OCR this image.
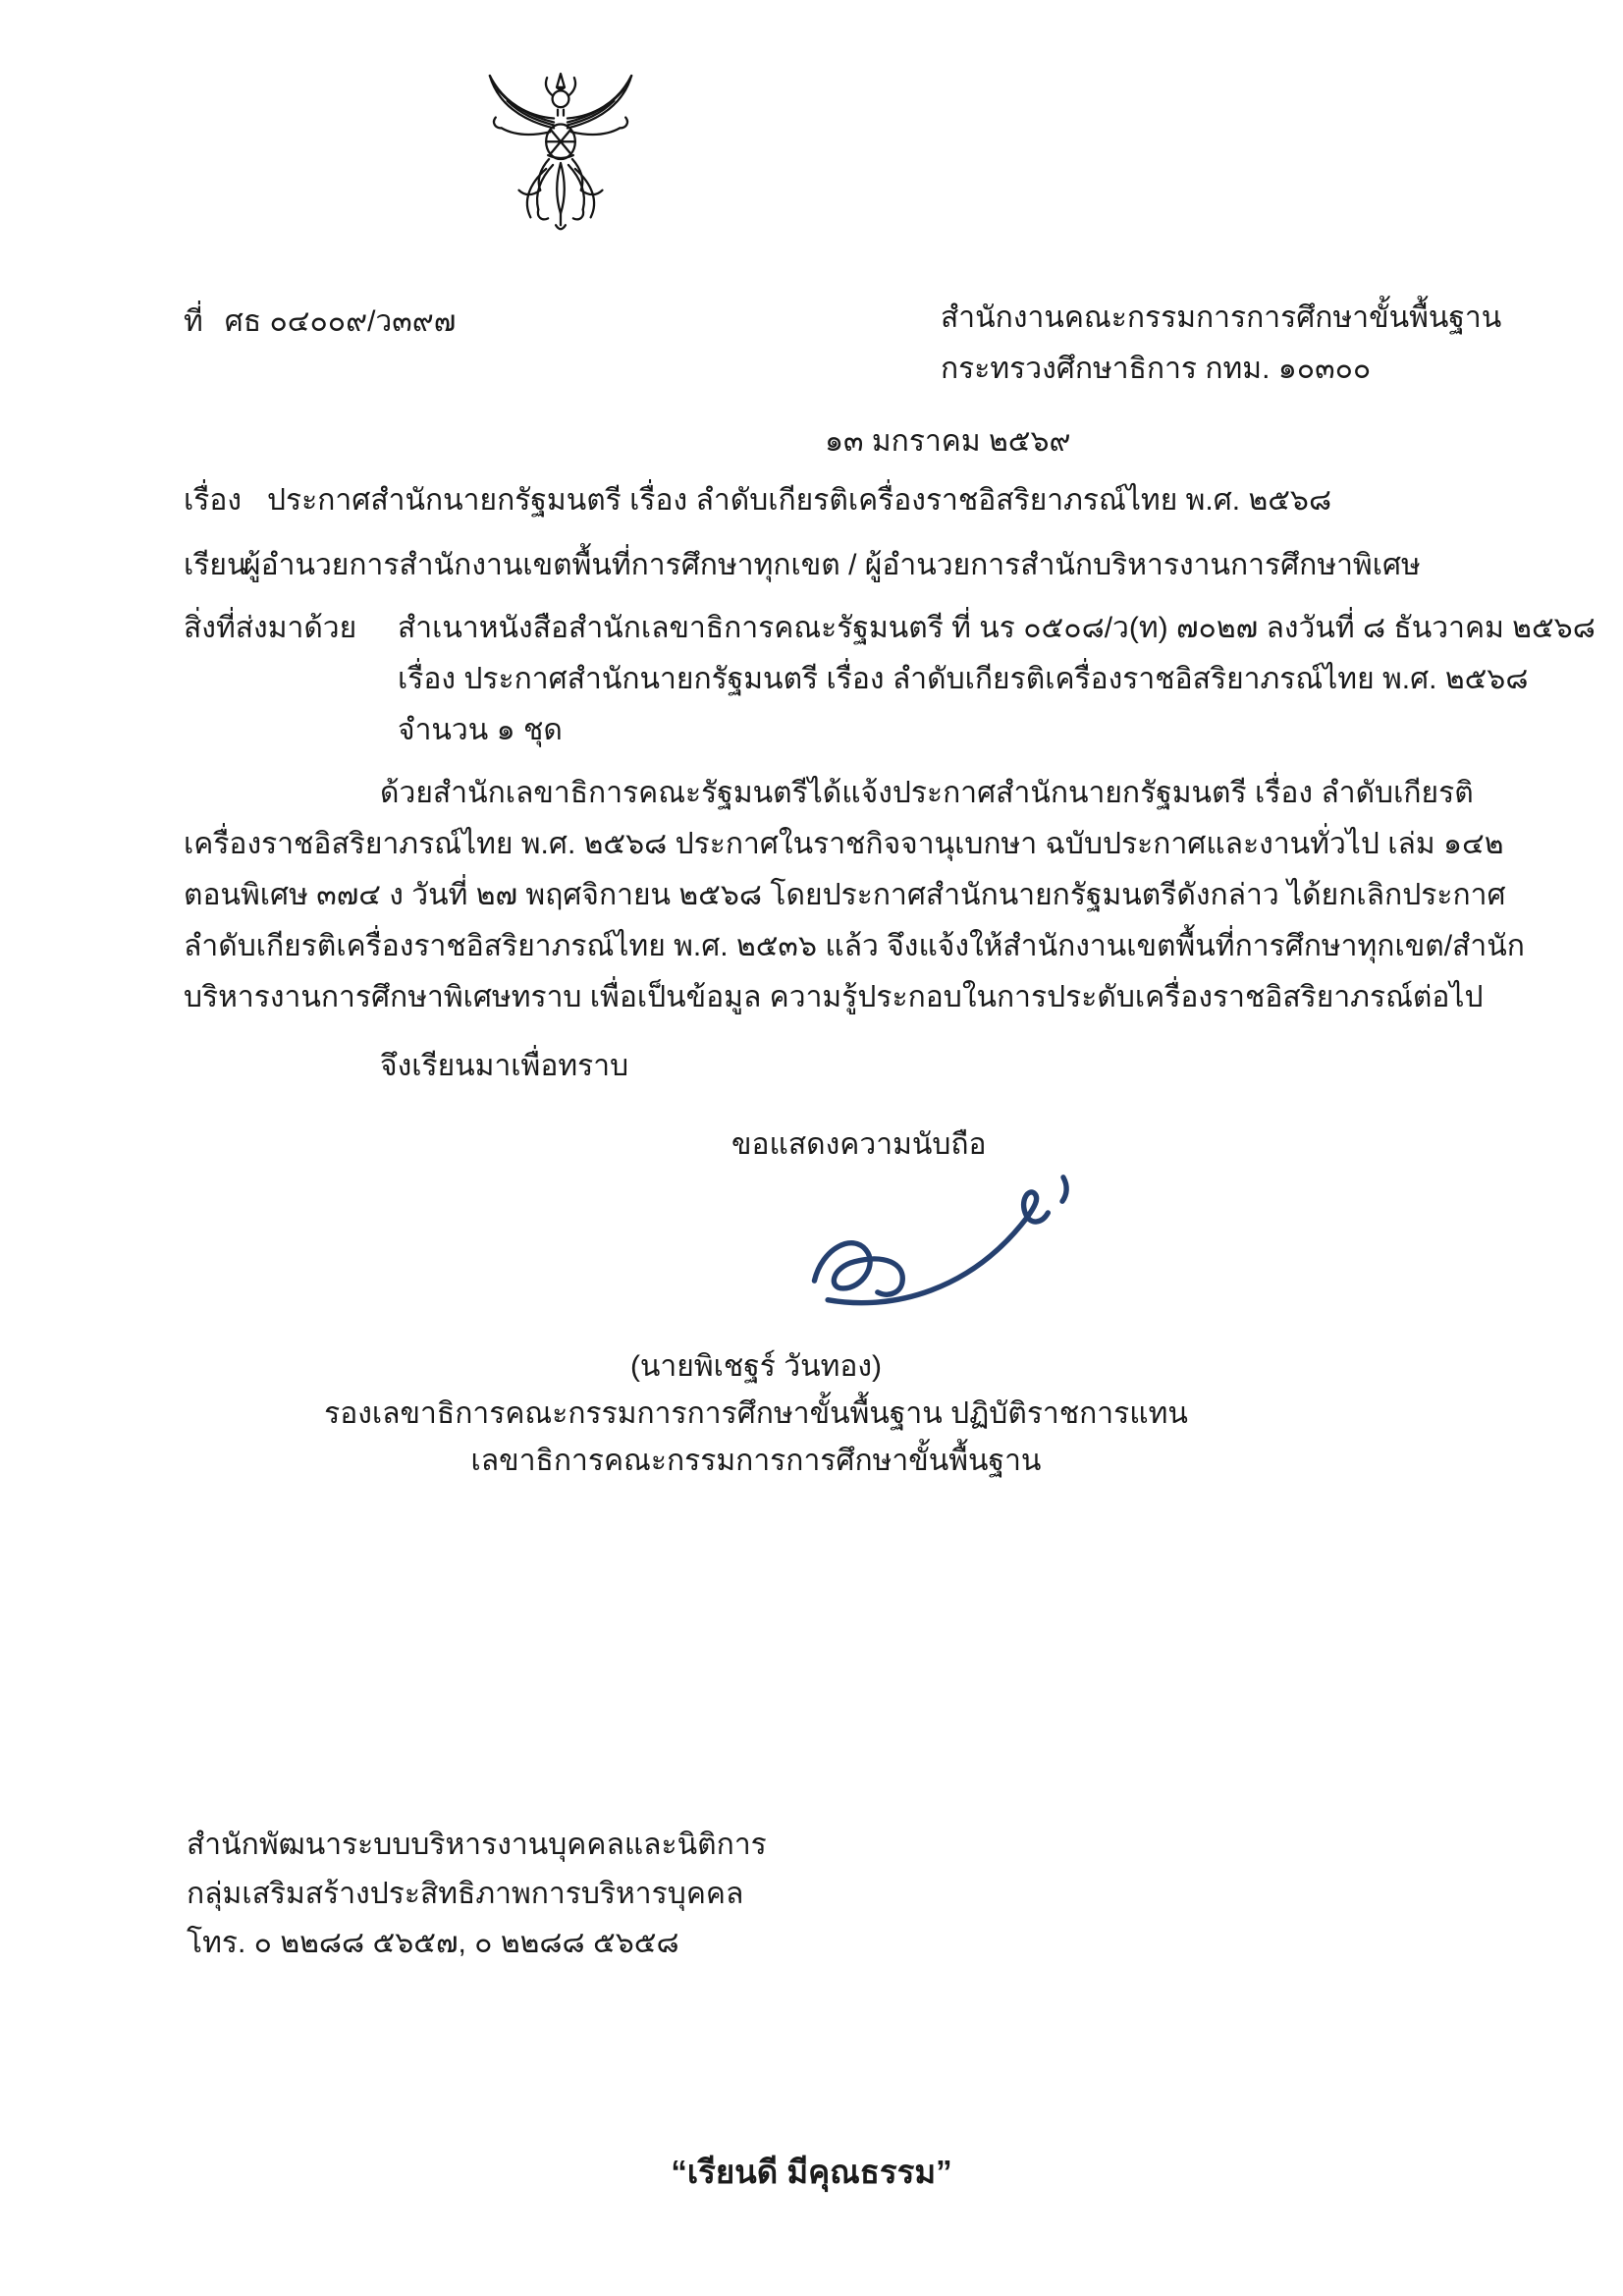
ที่ ศธ ๐๔๐๐๙/ว๓๙๗	สำนักงานคณะกรรมการการศึกษาขั้นพื้นฐาน
กระทรวงศึกษาธิการ กทม. ๑๐๓๐๐
๑๓ มกราคม ๒๕๖๙
เรื่อง ประกาศสำนักนายกรัฐมนตรี เรื่อง ลำดับเกียรติเครื่องราชอิสริยาภรณ์ไทย พ.ศ. ๒๕๖๘
เรียน
ผู้อำนวยการสำนักงานเขตพื้นที่การศึกษาทุกเขต / ผู้อำนวยการสำนักบริหารงานการศึกษาพิเศษ
สิ่งที่ส่งมาด้วย สำเนาหนังสือสำนักเลขาธิการคณะรัฐมนตรี ที่ นร ๐๕๐๘/ว(ท) ๗๐๒๗ ลงวันที่ ๘ ธันวาคม ๒๕๖๘
เรื่อง ประกาศสำนักนายกรัฐมนตรี เรื่อง ลำดับเกียรติเครื่องราชอิสริยาภรณ์ไทย พ.ศ. ๒๕๖๘
จำนวน ๑ ชุด
ด้วยสำนักเลขาธิการคณะรัฐมนตรีได้แจ้งประกาศสำนักนายกรัฐมนตรี เรื่อง ลำดับเกียรติ
เครื่องราชอิสริยาภรณ์ไทย พ.ศ. ๒๕๖๘ ประกาศในราชกิจจานุเบกษา ฉบับประกาศและงานทั่วไป เล่ม ๑๔๒
ตอนพิเศษ ๓๗๔ ง วันที่ ๒๗ พฤศจิกายน ๒๕๖๘ โดยประกาศสำนักนายกรัฐมนตรีดังกล่าว ได้ยกเลิกประกาศ
ลำดับเกียรติเครื่องราชอิสริยาภรณ์ไทย พ.ศ. ๒๕๓๖ แล้ว จึงแจ้งให้สำนักงานเขตพื้นที่การศึกษาทุกเขต/สำนัก
บริหารงานการศึกษาพิเศษทราบ เพื่อเป็นข้อมูล ความรู้ประกอบในการประดับเครื่องราชอิสริยาภรณ์ต่อไป
จึงเรียนมาเพื่อทราบ
ขอแสดงความนับถือ
(นายพิเชฐร์ วันทอง)
รองเลขาธิการคณะกรรมการการศึกษาขั้นพื้นฐาน ปฏิบัติราชการแทน
เลขาธิการคณะกรรมการการศึกษาขั้นพื้นฐาน
สำนักพัฒนาระบบบริหารงานบุคคลและนิติการ
กลุ่มเสริมสร้างประสิทธิภาพการบริหารบุคคล
โทร. ๐ ๒๒๘๘ ๕๖๕๗, ๐ ๒๒๘๘ ๕๖๕๘
“เรียนดี มีคุณธรรม”
